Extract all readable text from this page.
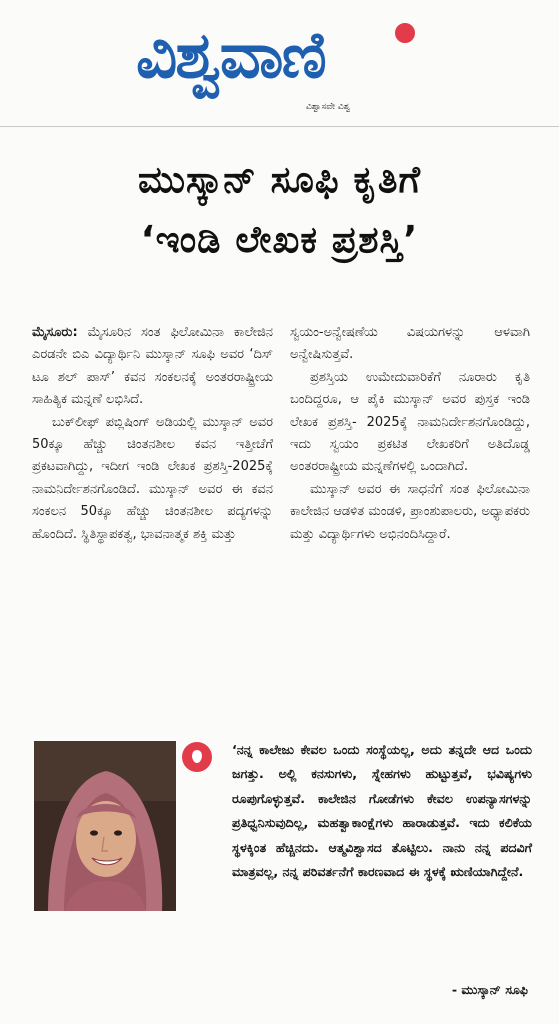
ವಿಶ್ವವಾಣಿ
ವಿಶ್ವಾಸವೇ ವಿಶ್ವ
ಮುಸ್ಕಾನ್ ಸೂಫಿ ಕೃತಿಗೆ
‘ಇಂಡಿ ಲೇಖಕ ಪ್ರಶಸ್ತಿ’

ಮೈಸೂರು: ಮೈಸೂರಿನ ಸಂತ ಫಿಲೋಮಿನಾ ಕಾಲೇಜಿನ ಎರಡನೇ ಬಿಎ ವಿದ್ಯಾರ್ಥಿನಿ ಮುಸ್ಕಾನ್ ಸೂಫಿ ಅವರ ‘ದಿಸ್ ಟೂ ಶಲ್ ಪಾಸ್’ ಕವನ ಸಂಕಲನಕ್ಕೆ ಅಂತರರಾಷ್ಟ್ರೀಯ ಸಾಹಿತ್ಯಿಕ ಮನ್ನಣೆ ಲಭಿಸಿದೆ.

ಬುಕ್‌ಲೀಫ್ ಪಬ್ಲಿಷಿಂಗ್ ಅಡಿಯಲ್ಲಿ ಮುಸ್ಕಾನ್ ಅವರ 50ಕ್ಕೂ ಹೆಚ್ಚು ಚಿಂತನಶೀಲ ಕವನ ಇತ್ತೀಚೆಗೆ ಪ್ರಕಟವಾಗಿದ್ದು, ಇದೀಗ ಇಂಡಿ ಲೇಖಕ ಪ್ರಶಸ್ತಿ-2025ಕ್ಕೆ ನಾಮನಿರ್ದೇಶನಗೊಂಡಿದೆ. ಮುಸ್ಕಾನ್ ಅವರ ಈ ಕವನ ಸಂಕಲನ 50ಕ್ಕೂ ಹೆಚ್ಚು ಚಿಂತನಶೀಲ ಪದ್ಯಗಳನ್ನು ಹೊಂದಿದೆ. ಸ್ಥಿತಿಸ್ಥಾಪಕತ್ವ, ಭಾವನಾತ್ಮಕ ಶಕ್ತಿ ಮತ್ತು

ಸ್ವಯಂ-ಅನ್ವೇಷಣೆಯ ವಿಷಯಗಳನ್ನು ಆಳವಾಗಿ ಅನ್ವೇಷಿಸುತ್ತವೆ.

ಪ್ರಶಸ್ತಿಯ ಉಮೇದುವಾರಿಕೆಗೆ ನೂರಾರು ಕೃತಿ ಬಂದಿದ್ದರೂ, ಆ ಪೈಕಿ ಮುಸ್ಕಾನ್ ಅವರ ಪುಸ್ತಕ ಇಂಡಿ ಲೇಖಕ ಪ್ರಶಸ್ತಿ- 2025ಕ್ಕೆ ನಾಮನಿರ್ದೇಶನಗೊಂಡಿದ್ದು, ಇದು ಸ್ವಯಂ ಪ್ರಕಟಿತ ಲೇಖಕರಿಗೆ ಅತಿದೊಡ್ಡ ಅಂತರರಾಷ್ಟ್ರೀಯ ಮನ್ನಣೆಗಳಲ್ಲಿ ಒಂದಾಗಿದೆ.

ಮುಸ್ಕಾನ್ ಅವರ ಈ ಸಾಧನೆಗೆ ಸಂತ ಫಿಲೋಮಿನಾ ಕಾಲೇಜಿನ ಆಡಳಿತ ಮಂಡಳಿ, ಪ್ರಾಂಶುಪಾಲರು, ಅಧ್ಯಾಪಕರು ಮತ್ತು ವಿದ್ಯಾರ್ಥಿಗಳು ಅಭಿನಂದಿಸಿದ್ದಾರೆ.

‘ನನ್ನ ಕಾಲೇಜು ಕೇವಲ ಒಂದು ಸಂಸ್ಥೆಯಲ್ಲ, ಅದು ತನ್ನದೇ ಆದ ಒಂದು ಜಗತ್ತು. ಅಲ್ಲಿ ಕನಸುಗಳು, ಸ್ನೇಹಗಳು ಹುಟ್ಟುತ್ತವೆ, ಭವಿಷ್ಯಗಳು ರೂಪುಗೊಳ್ಳುತ್ತವೆ. ಕಾಲೇಜಿನ ಗೋಡೆಗಳು ಕೇವಲ ಉಪನ್ಯಾಸಗಳನ್ನು ಪ್ರತಿಧ್ವನಿಸುವುದಿಲ್ಲ, ಮಹತ್ವಾಕಾಂಕ್ಷೆಗಳು ಹಾರಾಡುತ್ತವೆ. ಇದು ಕಲಿಕೆಯ ಸ್ಥಳಕ್ಕಿಂತ ಹೆಚ್ಚಿನದು. ಆತ್ಮವಿಶ್ವಾಸದ ತೊಟ್ಟಿಲು. ನಾನು ನನ್ನ ಪದವಿಗೆ ಮಾತ್ರವಲ್ಲ, ನನ್ನ ಪರಿವರ್ತನೆಗೆ ಕಾರಣವಾದ ಈ ಸ್ಥಳಕ್ಕೆ ಋಣಿಯಾಗಿದ್ದೇನೆ.
- ಮುಸ್ಕಾನ್ ಸೂಫಿ
